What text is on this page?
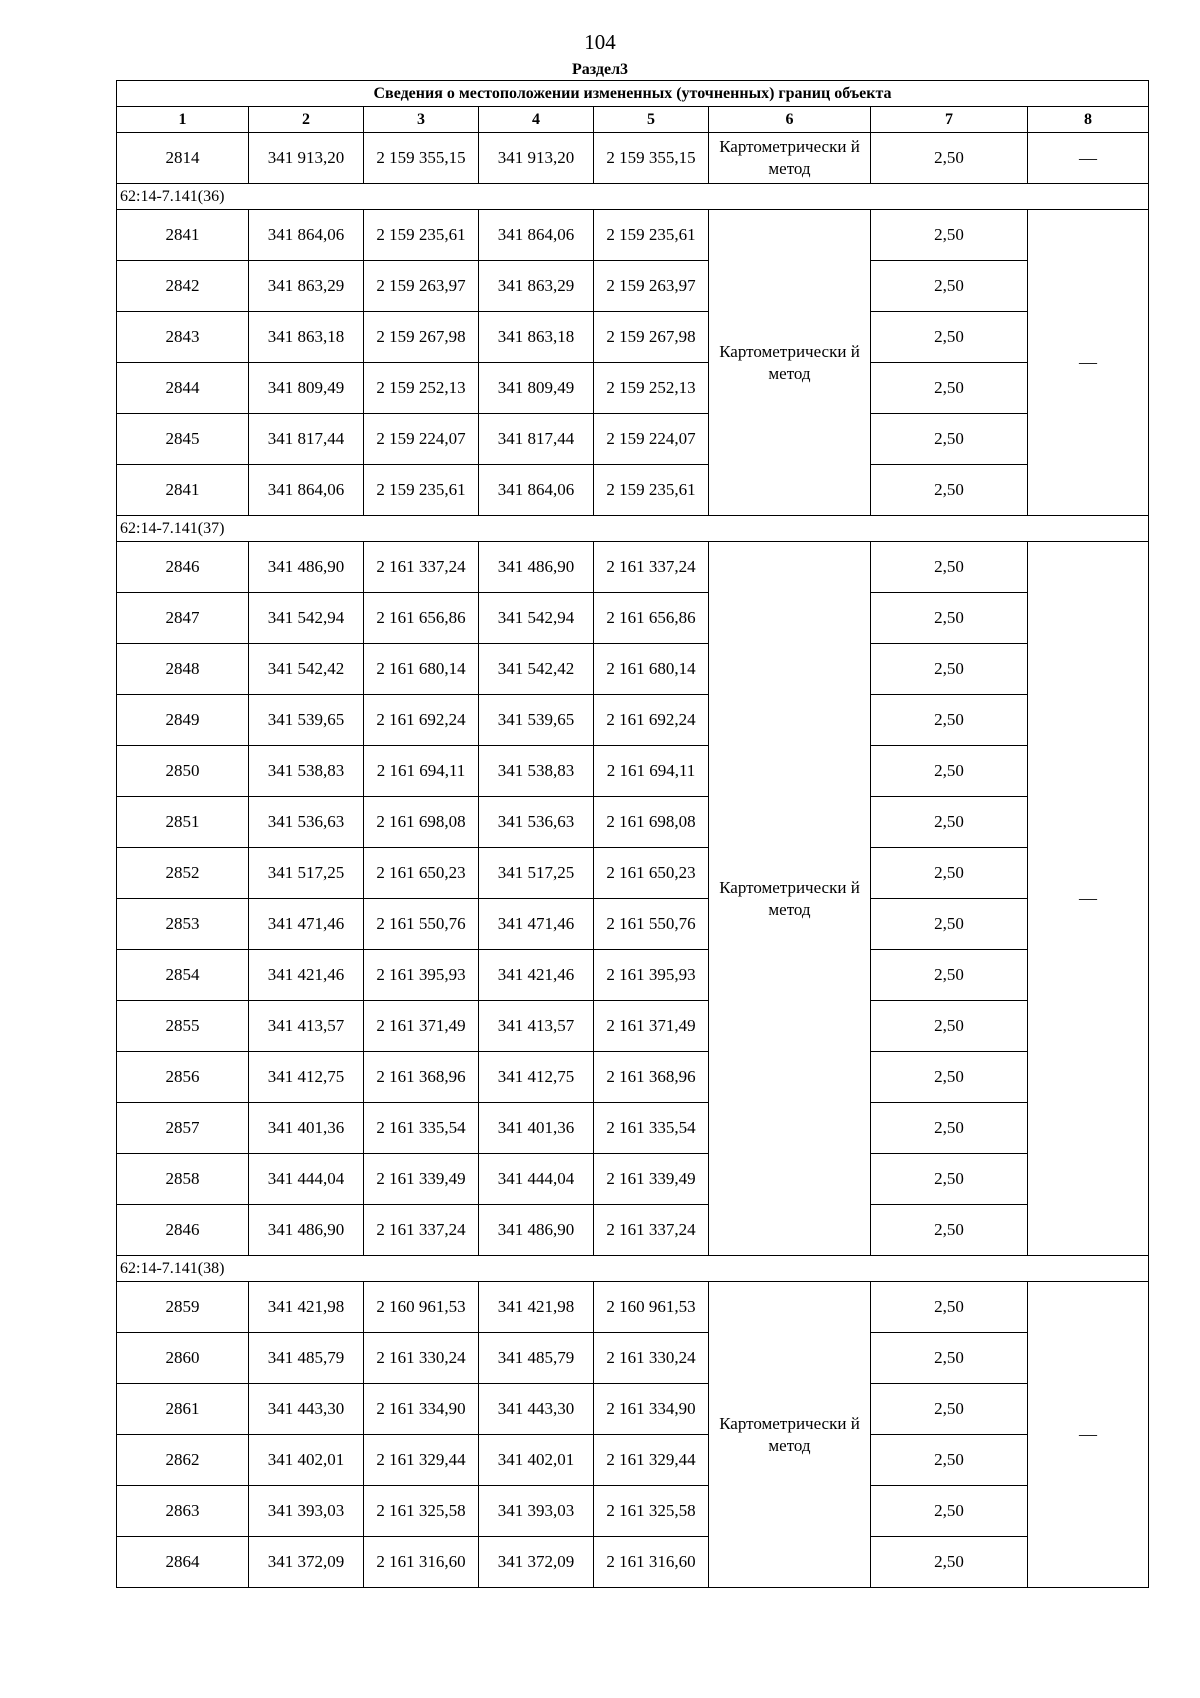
104
Раздел3
Сведения о местоположении измененных (уточненных) границ объекта							
1	2	3	4	5	6	7	8
2814	341 913,20	2 159 355,15	341 913,20	2 159 355,15	Картометрически й метод	2,50	—
62:14-7.141(36)							
2841	341 864,06	2 159 235,61	341 864,06	2 159 235,61	Картометрически й метод	2,50	—
2842	341 863,29	2 159 263,97	341 863,29	2 159 263,97		2,50	
2843	341 863,18	2 159 267,98	341 863,18	2 159 267,98		2,50	
2844	341 809,49	2 159 252,13	341 809,49	2 159 252,13		2,50	
2845	341 817,44	2 159 224,07	341 817,44	2 159 224,07		2,50	
2841	341 864,06	2 159 235,61	341 864,06	2 159 235,61		2,50	
62:14-7.141(37)							
2846	341 486,90	2 161 337,24	341 486,90	2 161 337,24	Картометрически й метод	2,50	—
2847	341 542,94	2 161 656,86	341 542,94	2 161 656,86		2,50	
2848	341 542,42	2 161 680,14	341 542,42	2 161 680,14		2,50	
2849	341 539,65	2 161 692,24	341 539,65	2 161 692,24		2,50	
2850	341 538,83	2 161 694,11	341 538,83	2 161 694,11		2,50	
2851	341 536,63	2 161 698,08	341 536,63	2 161 698,08		2,50	
2852	341 517,25	2 161 650,23	341 517,25	2 161 650,23		2,50	
2853	341 471,46	2 161 550,76	341 471,46	2 161 550,76		2,50	
2854	341 421,46	2 161 395,93	341 421,46	2 161 395,93		2,50	
2855	341 413,57	2 161 371,49	341 413,57	2 161 371,49		2,50	
2856	341 412,75	2 161 368,96	341 412,75	2 161 368,96		2,50	
2857	341 401,36	2 161 335,54	341 401,36	2 161 335,54		2,50	
2858	341 444,04	2 161 339,49	341 444,04	2 161 339,49		2,50	
2846	341 486,90	2 161 337,24	341 486,90	2 161 337,24		2,50	
62:14-7.141(38)							
2859	341 421,98	2 160 961,53	341 421,98	2 160 961,53	Картометрически й метод	2,50	—
2860	341 485,79	2 161 330,24	341 485,79	2 161 330,24		2,50	
2861	341 443,30	2 161 334,90	341 443,30	2 161 334,90		2,50	
2862	341 402,01	2 161 329,44	341 402,01	2 161 329,44		2,50	
2863	341 393,03	2 161 325,58	341 393,03	2 161 325,58		2,50	
2864	341 372,09	2 161 316,60	341 372,09	2 161 316,60		2,50	
